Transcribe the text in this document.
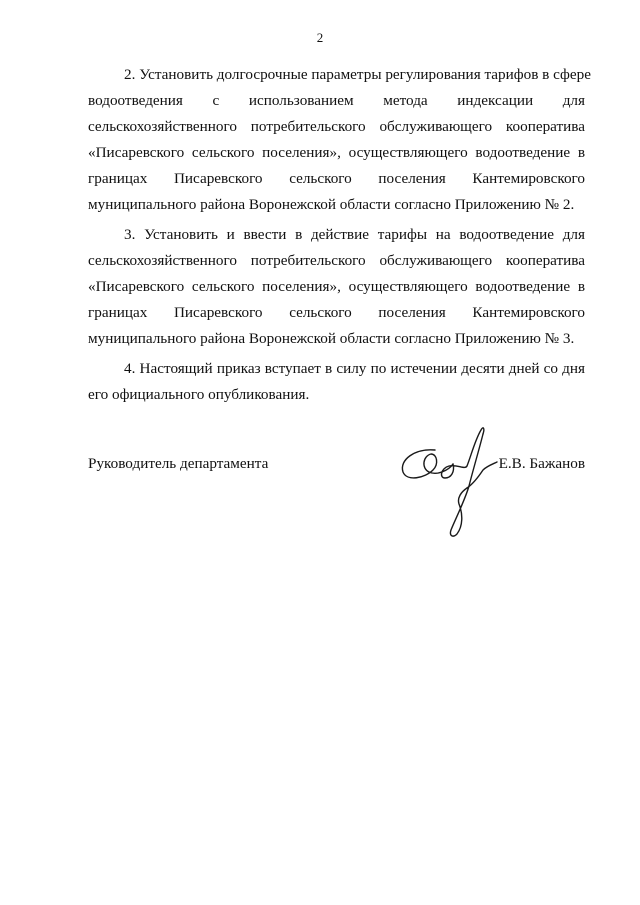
2

2. Установить долгосрочные параметры регулирования тарифов в сфере
водоотведения с использованием метода индексации для
сельскохозяйственного потребительского обслуживающего кооператива
«Писаревского сельского поселения», осуществляющего водоотведение в
границах Писаревского сельского поселения Кантемировского
муниципального района Воронежской области согласно Приложению № 2.

3. Установить и ввести в действие тарифы на водоотведение для
сельскохозяйственного потребительского обслуживающего кооператива
«Писаревского сельского поселения», осуществляющего водоотведение в
границах Писаревского сельского поселения Кантемировского
муниципального района Воронежской области согласно Приложению № 3.

4. Настоящий приказ вступает в силу по истечении десяти дней со дня
его официального опубликования.

Руководитель департамента	Е.В. Бажанов
